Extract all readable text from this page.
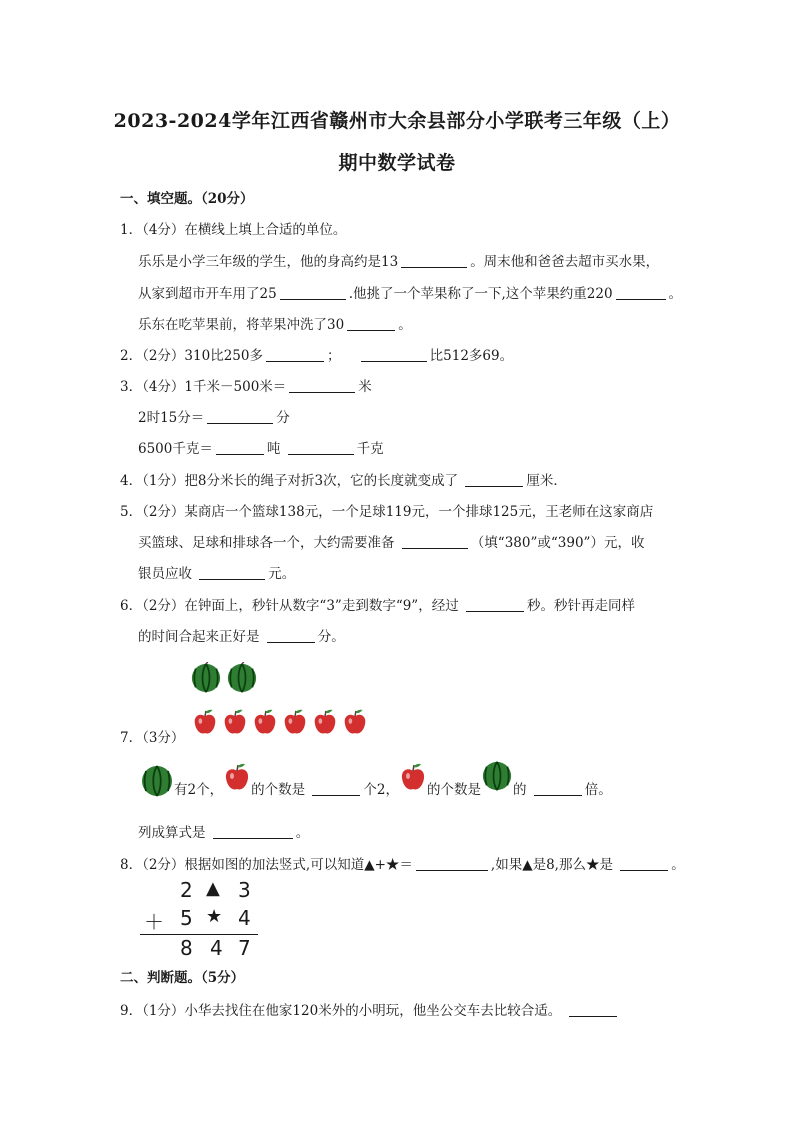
2023-2024学年江西省赣州市大余县部分小学联考三年级（上）
期中数学试卷
一、填空题。（20分）
1．（4分）在横线上填上合适的单位。
乐乐是小学三年级的学生，他的身高约是13	。周末他和爸爸去超市买水果，
从家到超市开车用了25	.他挑了一个苹果称了一下,这个苹果约重220	。
乐东在吃苹果前，将苹果冲洗了30	。
2．（2分）310比250多	；	比512多69。
3．（4分）1千米－500米＝	米
2时15分＝	分
6500千克＝	吨	千克
4．（1分）把8分米长的绳子对折3次，它的长度就变成了	厘米．
5．（2分）某商店一个篮球138元，一个足球119元，一个排球125元，王老师在这家商店
买篮球、足球和排球各一个，大约需要准备	（填“380”或“390”）元，收
银员应收	元。
6．（2分）在钟面上，秒针从数字“3”走到数字“9”，经过	秒。秒针再走同样
的时间合起来正好是	分。
7．（3分）
有2个， 的个数是
	个2， 的个数是 的
	倍。
列成算式是	。
8．（2分）根据如图的加法竖式,可以知道▲+★＝	,如果▲是8,那么★是	。
2 ▲ 3
＋ 5 ★ 4
8 4 7
二、判断题。（5分）
9．（1分）小华去找住在他家120米外的小明玩，他坐公交车去比较合适。
